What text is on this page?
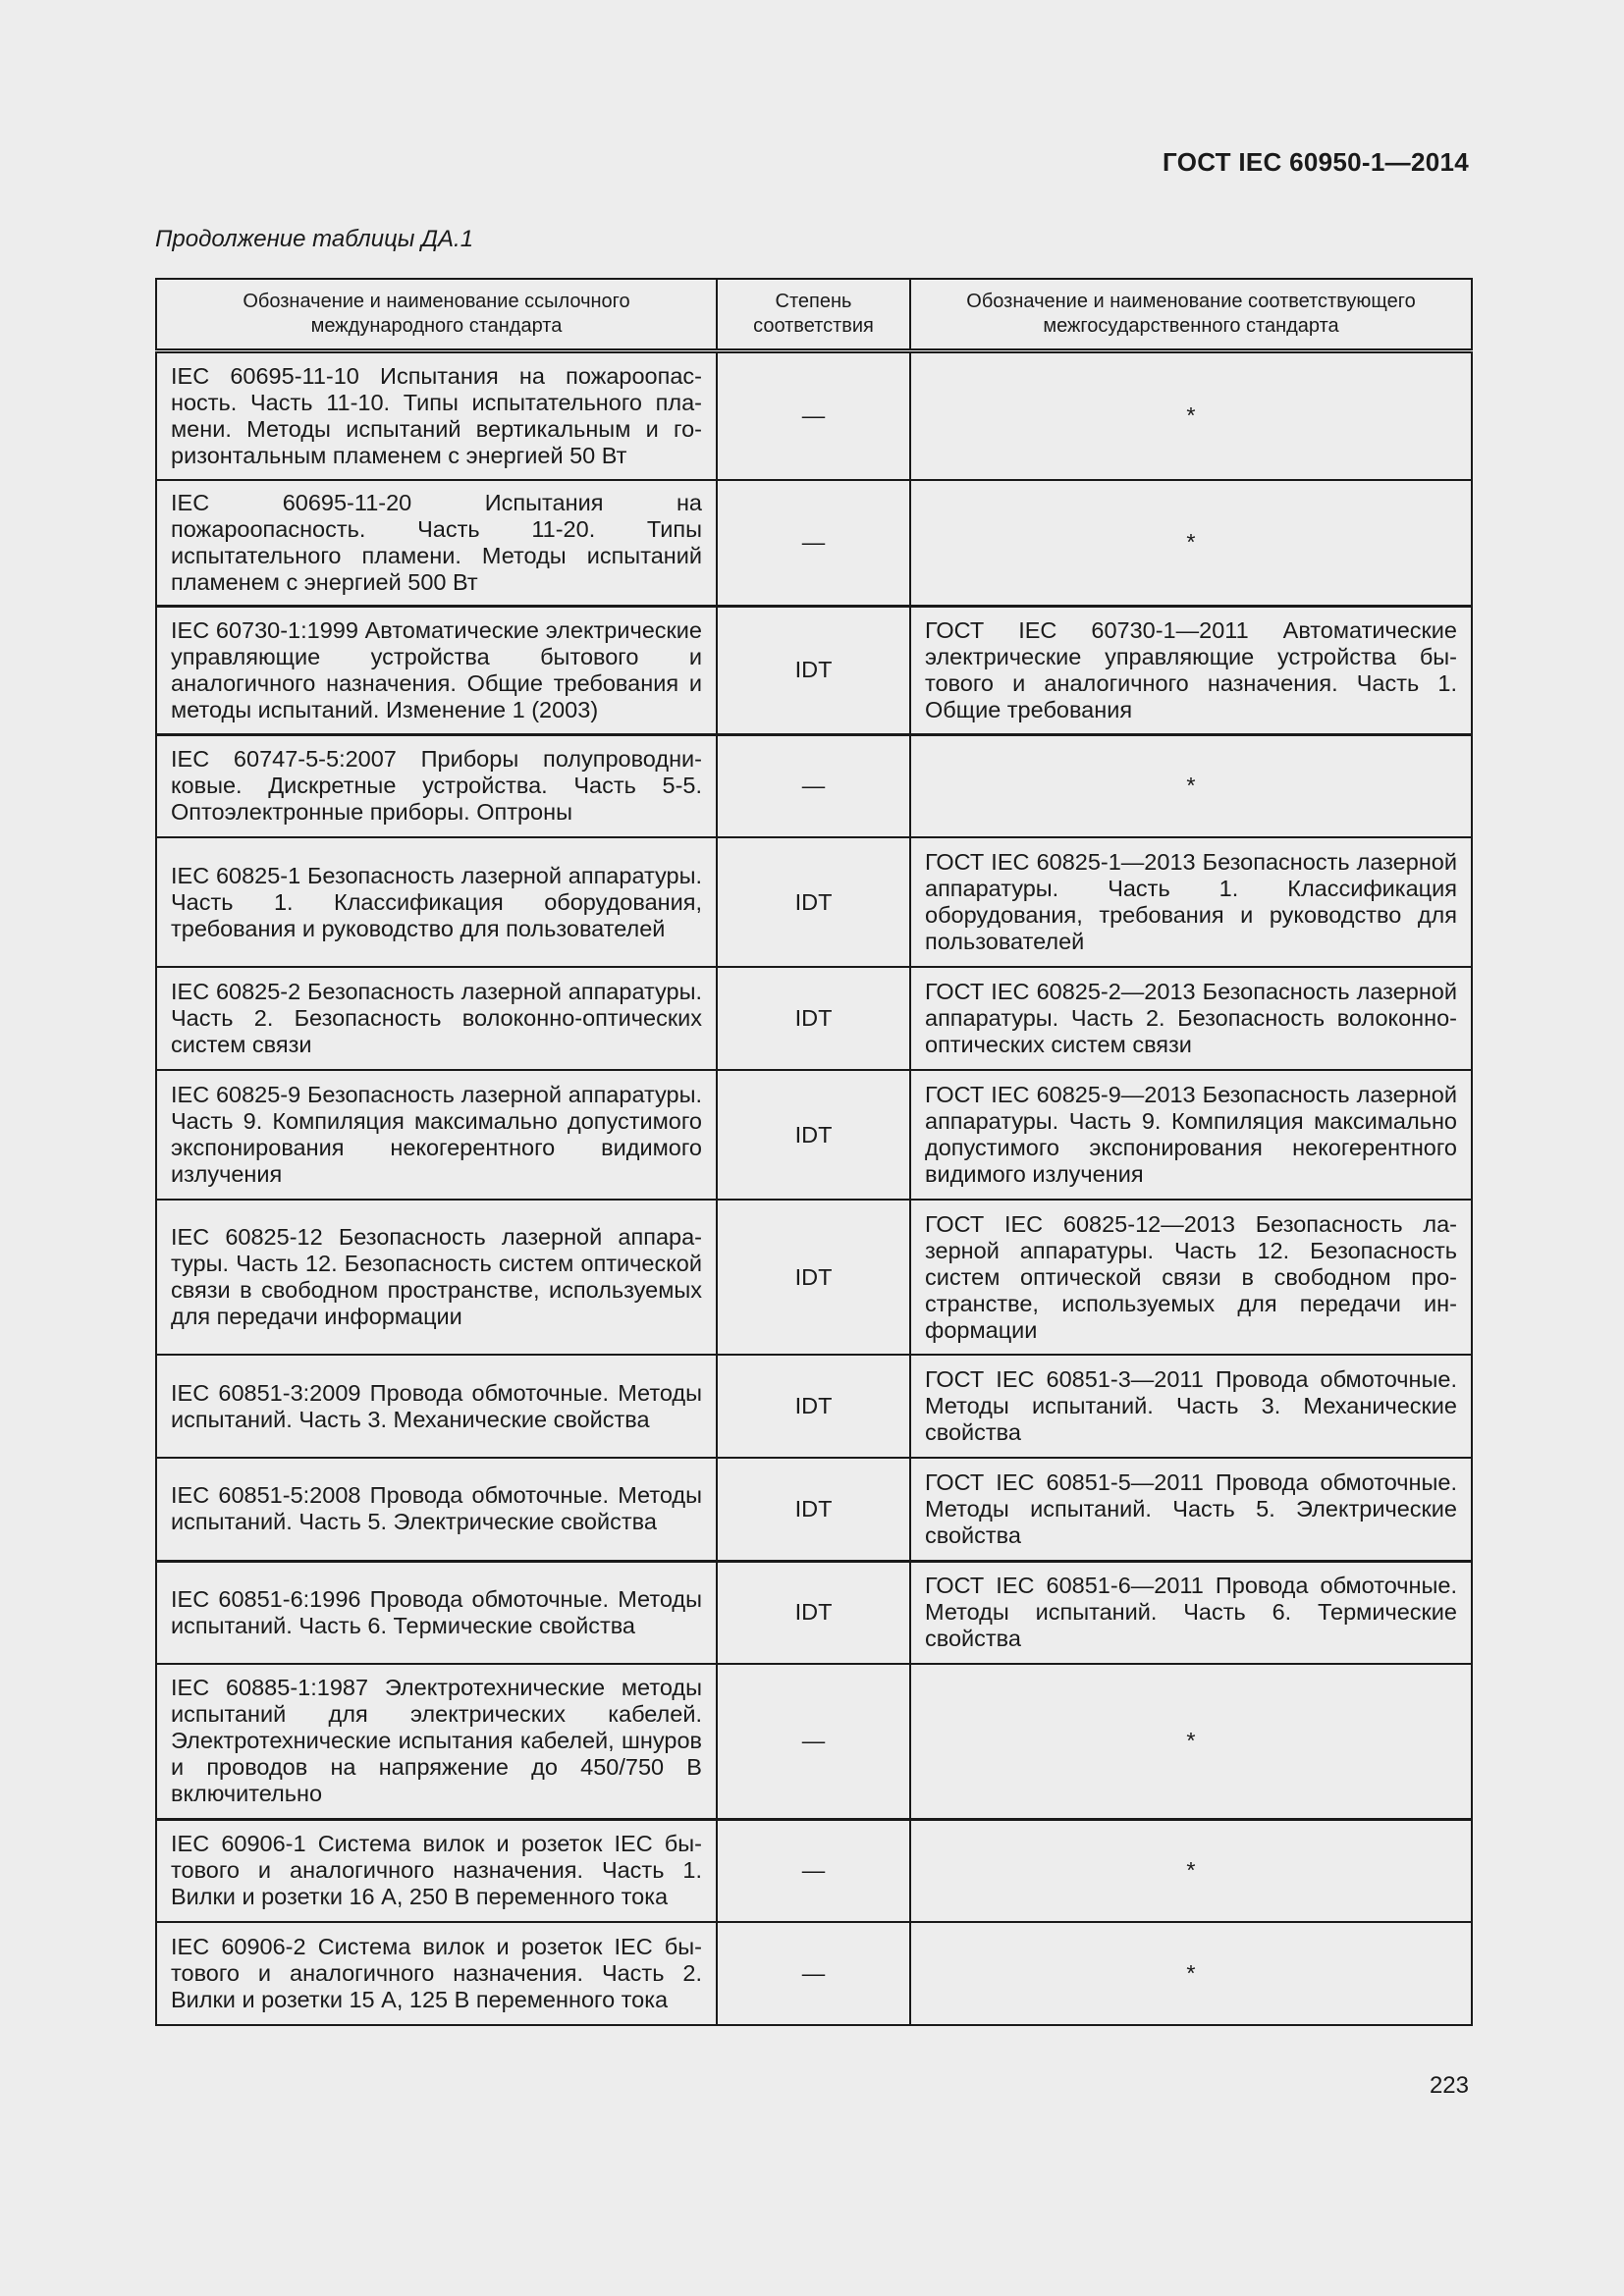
ГОСТ IEC 60950-1—2014
Продолжение таблицы ДА.1
Обозначение и наименование ссылочного международного стандарта	Степень соответствия	Обозначение и наименование соответствующего межгосударственного стандарта
IEC 60695-11-10 Испытания на пожароопасность. Часть 11-10. Типы испытательного пламени. Методы испытаний вертикальным и горизонтальным пламенем с энергией 50 Вт	—	*
IEC 60695-11-20 Испытания на пожароопасность. Часть 11-20. Типы испытательного пламени. Методы испытаний пламенем с энергией 500 Вт	—	*
IEC 60730-1:1999 Автоматические электрические управляющие устройства бытового и аналогичного назначения. Общие требования и методы испытаний. Изменение 1 (2003)	IDT	ГОСТ IEC 60730-1—2011 Автоматические электрические управляющие устройства бытового и аналогичного назначения. Часть 1. Общие требования
IEC 60747-5-5:2007 Приборы полупроводниковые. Дискретные устройства. Часть 5-5. Оптоэлектронные приборы. Оптроны	—	*
IEC 60825-1 Безопасность лазерной аппаратуры. Часть 1. Классификация оборудования, требования и руководство для пользователей	IDT	ГОСТ IEC 60825-1—2013 Безопасность лазерной аппаратуры. Часть 1. Классификация оборудования, требования и руководство для пользователей
IEC 60825-2 Безопасность лазерной аппаратуры. Часть 2. Безопасность волоконно-оптических систем связи	IDT	ГОСТ IEC 60825-2—2013 Безопасность лазерной аппаратуры. Часть 2. Безопасность волоконно-оптических систем связи
IEC 60825-9 Безопасность лазерной аппаратуры. Часть 9. Компиляция максимально допустимого экспонирования некогерентного видимого излучения	IDT	ГОСТ IEC 60825-9—2013 Безопасность лазерной аппаратуры. Часть 9. Компиляция максимально допустимого экспонирования некогерентного видимого излучения
IEC 60825-12 Безопасность лазерной аппаратуры. Часть 12. Безопасность систем оптической связи в свободном пространстве, используемых для передачи информации	IDT	ГОСТ IEC 60825-12—2013 Безопасность лазерной аппаратуры. Часть 12. Безопасность систем оптической связи в свободном пространстве, используемых для передачи информации
IEC 60851-3:2009 Провода обмоточные. Методы испытаний. Часть 3. Механические свойства	IDT	ГОСТ IEC 60851-3—2011 Провода обмоточные. Методы испытаний. Часть 3. Механические свойства
IEC 60851-5:2008 Провода обмоточные. Методы испытаний. Часть 5. Электрические свойства	IDT	ГОСТ IEC 60851-5—2011 Провода обмоточные. Методы испытаний. Часть 5. Электрические свойства
IEC 60851-6:1996 Провода обмоточные. Методы испытаний. Часть 6. Термические свойства	IDT	ГОСТ IEC 60851-6—2011 Провода обмоточные. Методы испытаний. Часть 6. Термические свойства
IEC 60885-1:1987 Электротехнические методы испытаний для электрических кабелей. Электротехнические испытания кабелей, шнуров и проводов на напряжение до 450/750 В включительно	—	*
IEC 60906-1 Система вилок и розеток IEC бытового и аналогичного назначения. Часть 1. Вилки и розетки 16 А, 250 В переменного тока	—	*
IEC 60906-2 Система вилок и розеток IEC бытового и аналогичного назначения. Часть 2. Вилки и розетки 15 А, 125 В переменного тока	—	*
223
